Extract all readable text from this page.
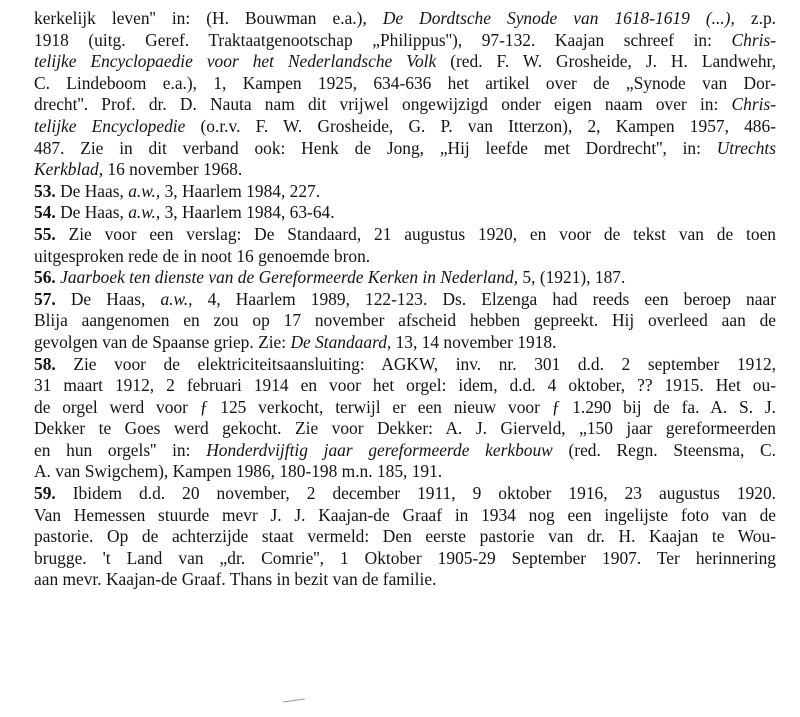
kerkelijk leven'' in: (H. Bouwman e.a.), De Dordtsche Synode van 1618-1619 (...), z.p.
1918 (uitg. Geref. Traktaatgenootschap „Philippus''), 97-132. Kaajan schreef in: Chris-
telijke Encyclopaedie voor het Nederlandsche Volk (red. F. W. Grosheide, J. H. Landwehr,
C. Lindeboom e.a.), 1, Kampen 1925, 634-636 het artikel over de „Synode van Dor-
drecht''. Prof. dr. D. Nauta nam dit vrijwel ongewijzigd onder eigen naam over in: Chris-
telijke Encyclopedie (o.r.v. F. W. Grosheide, G. P. van Itterzon), 2, Kampen 1957, 486-
487. Zie in dit verband ook: Henk de Jong, „Hij leefde met Dordrecht'', in: Utrechts
Kerkblad, 16 november 1968.
53. De Haas, a.w., 3, Haarlem 1984, 227.
54. De Haas, a.w., 3, Haarlem 1984, 63-64.
55. Zie voor een verslag: De Standaard, 21 augustus 1920, en voor de tekst van de toen
uitgesproken rede de in noot 16 genoemde bron.
56. Jaarboek ten dienste van de Gereformeerde Kerken in Nederland, 5, (1921), 187.
57. De Haas, a.w., 4, Haarlem 1989, 122-123. Ds. Elzenga had reeds een beroep naar
Blija aangenomen en zou op 17 november afscheid hebben gepreekt. Hij overleed aan de
gevolgen van de Spaanse griep. Zie: De Standaard, 13, 14 november 1918.
58. Zie voor de elektriciteitsaansluiting: AGKW, inv. nr. 301 d.d. 2 september 1912,
31 maart 1912, 2 februari 1914 en voor het orgel: idem, d.d. 4 oktober, ?? 1915. Het ou-
de orgel werd voor ƒ 125 verkocht, terwijl er een nieuw voor ƒ 1.290 bij de fa. A. S. J.
Dekker te Goes werd gekocht. Zie voor Dekker: A. J. Gierveld, „150 jaar gereformeerden
en hun orgels'' in: Honderdvijftig jaar gereformeerde kerkbouw (red. Regn. Steensma, C.
A. van Swigchem), Kampen 1986, 180-198 m.n. 185, 191.
59. Ibidem d.d. 20 november, 2 december 1911, 9 oktober 1916, 23 augustus 1920.
Van Hemessen stuurde mevr J. J. Kaajan-de Graaf in 1934 nog een ingelijste foto van de
pastorie. Op de achterzijde staat vermeld: Den eerste pastorie van dr. H. Kaajan te Wou-
brugge. 't Land van „dr. Comrie'', 1 Oktober 1905-29 September 1907. Ter herinnering
aan mevr. Kaajan-de Graaf. Thans in bezit van de familie.
